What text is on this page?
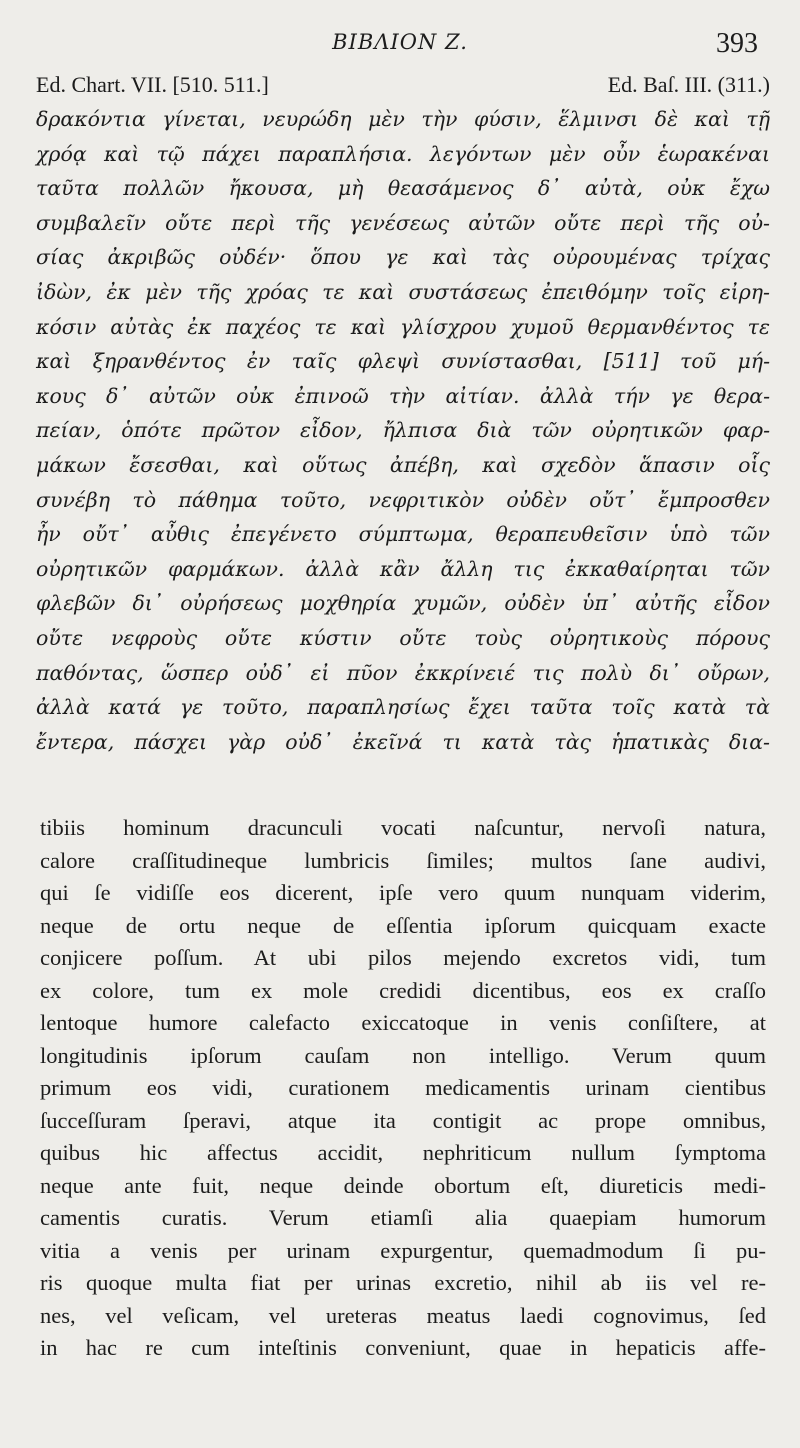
BIBΛION Z.	393
Ed. Chart. VII. [510. 511.]	Ed. Baſ. III. (311.)
δρακόντια γίνεται, νευρώδη μὲν τὴν φύσιν, ἕλμινσι δὲ καὶ τῇ
χρόᾳ καὶ τῷ πάχει παραπλήσια. λεγόντων μὲν οὖν ἑωρακέναι
ταῦτα πολλῶν ἤκουσα, μὴ θεασάμενος δ᾽ αὐτὰ, οὐκ ἔχω
συμβαλεῖν οὔτε περὶ τῆς γενέσεως αὐτῶν οὔτε περὶ τῆς οὐ-
σίας ἀκριβῶς οὐδέν· ὅπου γε καὶ τὰς οὐρουμένας τρίχας
ἰδὼν, ἐκ μὲν τῆς χρόας τε καὶ συστάσεως ἐπειθόμην τοῖς εἰρη-
κόσιν αὐτὰς ἐκ παχέος τε καὶ γλίσχρου χυμοῦ θερμανθέντος τε
καὶ ξηρανθέντος ἐν ταῖς φλεψὶ συνίστασθαι, [511] τοῦ μή-
κους δ᾽ αὐτῶν οὐκ ἐπινοῶ τὴν αἰτίαν. ἀλλὰ τήν γε θερα-
πείαν, ὁπότε πρῶτον εἶδον, ἤλπισα διὰ τῶν οὐρητικῶν φαρ-
μάκων ἔσεσθαι, καὶ οὕτως ἀπέβη, καὶ σχεδὸν ἅπασιν οἷς
συνέβη τὸ πάθημα τοῦτο, νεφριτικὸν οὐδὲν οὔτ᾽ ἔμπροσθεν
ἦν οὔτ᾽ αὖθις ἐπεγένετο σύμπτωμα, θεραπευθεῖσιν ὑπὸ τῶν
οὐρητικῶν φαρμάκων. ἀλλὰ κἂν ἄλλη τις ἐκκαθαίρηται τῶν
φλεβῶν δι᾽ οὐρήσεως μοχθηρία χυμῶν, οὐδὲν ὑπ᾽ αὐτῆς εἶδον
οὔτε νεφροὺς οὔτε κύστιν οὔτε τοὺς οὐρητικοὺς πόρους
παθόντας, ὥσπερ οὐδ᾽ εἰ πῦον ἐκκρίνειέ τις πολὺ δι᾽ οὔρων,
ἀλλὰ κατά γε τοῦτο, παραπλησίως ἔχει ταῦτα τοῖς κατὰ τὰ
ἔντερα, πάσχει γὰρ οὐδ᾽ ἐκεῖνά τι κατὰ τὰς ἡπατικὰς δια-
tibiis hominum dracunculi vocati naſcuntur, nervoſi natura,
calore craſſitudineque lumbricis ſimiles; multos ſane audivi,
qui ſe vidiſſe eos dicerent, ipſe vero quum nunquam viderim,
neque de ortu neque de eſſentia ipſorum quicquam exacte
conjicere poſſum. At ubi pilos mejendo excretos vidi, tum
ex colore, tum ex mole credidi dicentibus, eos ex craſſo
lentoque humore calefacto exiccatoque in venis conſiſtere, at
longitudinis ipſorum cauſam non intelligo. Verum quum
primum eos vidi, curationem medicamentis urinam cientibus
ſucceſſuram ſperavi, atque ita contigit ac prope omnibus,
quibus hic affectus accidit, nephriticum nullum ſymptoma
neque ante fuit, neque deinde obortum eſt, diureticis medi-
camentis curatis. Verum etiamſi alia quaepiam humorum
vitia a venis per urinam expurgentur, quemadmodum ſi pu-
ris quoque multa fiat per urinas excretio, nihil ab iis vel re-
nes, vel veſicam, vel ureteras meatus laedi cognovimus, ſed
in hac re cum inteſtinis conveniunt, quae in hepaticis affe-
